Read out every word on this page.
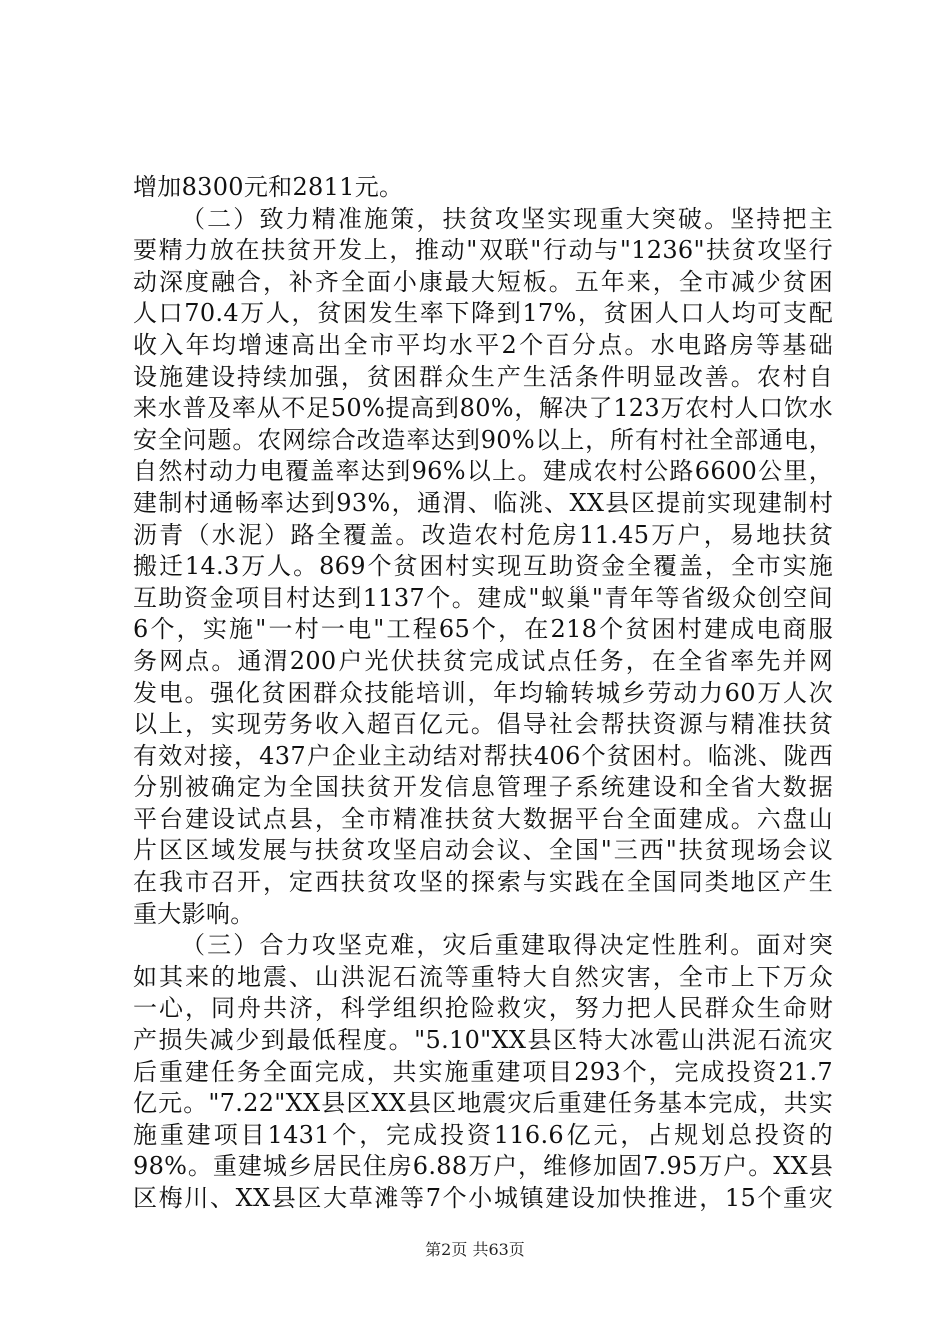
增加8300元和2811元。
（二）致力精准施策，扶贫攻坚实现重大突破。坚持把主
要精力放在扶贫开发上，推动"双联"行动与"1236"扶贫攻坚行
动深度融合，补齐全面小康最大短板。五年来，全市减少贫困
人口70.4万人，贫困发生率下降到17%，贫困人口人均可支配
收入年均增速高出全市平均水平2个百分点。水电路房等基础
设施建设持续加强，贫困群众生产生活条件明显改善。农村自
来水普及率从不足50%提高到80%，解决了123万农村人口饮水
安全问题。农网综合改造率达到90%以上，所有村社全部通电，
自然村动力电覆盖率达到96%以上。建成农村公路6600公里，
建制村通畅率达到93%，通渭、临洮、XX县区提前实现建制村
沥青（水泥）路全覆盖。改造农村危房11.45万户，易地扶贫
搬迁14.3万人。869个贫困村实现互助资金全覆盖，全市实施
互助资金项目村达到1137个。建成"蚁巢"青年等省级众创空间
6个，实施"一村一电"工程65个，在218个贫困村建成电商服
务网点。通渭200户光伏扶贫完成试点任务，在全省率先并网
发电。强化贫困群众技能培训，年均输转城乡劳动力60万人次
以上，实现劳务收入超百亿元。倡导社会帮扶资源与精准扶贫
有效对接，437户企业主动结对帮扶406个贫困村。临洮、陇西
分别被确定为全国扶贫开发信息管理子系统建设和全省大数据
平台建设试点县，全市精准扶贫大数据平台全面建成。六盘山
片区区域发展与扶贫攻坚启动会议、全国"三西"扶贫现场会议
在我市召开，定西扶贫攻坚的探索与实践在全国同类地区产生
重大影响。
（三）合力攻坚克难，灾后重建取得决定性胜利。面对突
如其来的地震、山洪泥石流等重特大自然灾害，全市上下万众
一心，同舟共济，科学组织抢险救灾，努力把人民群众生命财
产损失减少到最低程度。"5.10"XX县区特大冰雹山洪泥石流灾
后重建任务全面完成，共实施重建项目293个，完成投资21.7
亿元。"7.22"XX县区XX县区地震灾后重建任务基本完成，共实
施重建项目1431个，完成投资116.6亿元，占规划总投资的
98%。重建城乡居民住房6.88万户，维修加固7.95万户。XX县
区梅川、XX县区大草滩等7个小城镇建设加快推进，15个重灾
第2页 共63页
